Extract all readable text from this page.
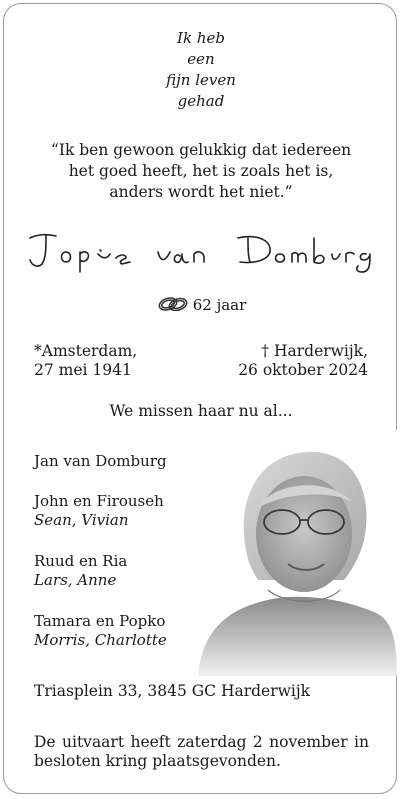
Ik heb
een
fijn leven
gehad
“Ik ben gewoon gelukkig dat iedereen
het goed heeft, het is zoals het is,
anders wordt het niet.”
62 jaar
*Amsterdam,
27 mei 1941
† Harderwijk,
26 oktober 2024
We missen haar nu al...
Jan van Domburg
John en Firouseh
Sean, Vivian
Ruud en Ria
Lars, Anne
Tamara en Popko
Morris, Charlotte
Triasplein 33, 3845 GC Harderwijk
De uitvaart heeft zaterdag 2 november in besloten kring plaatsgevonden.
